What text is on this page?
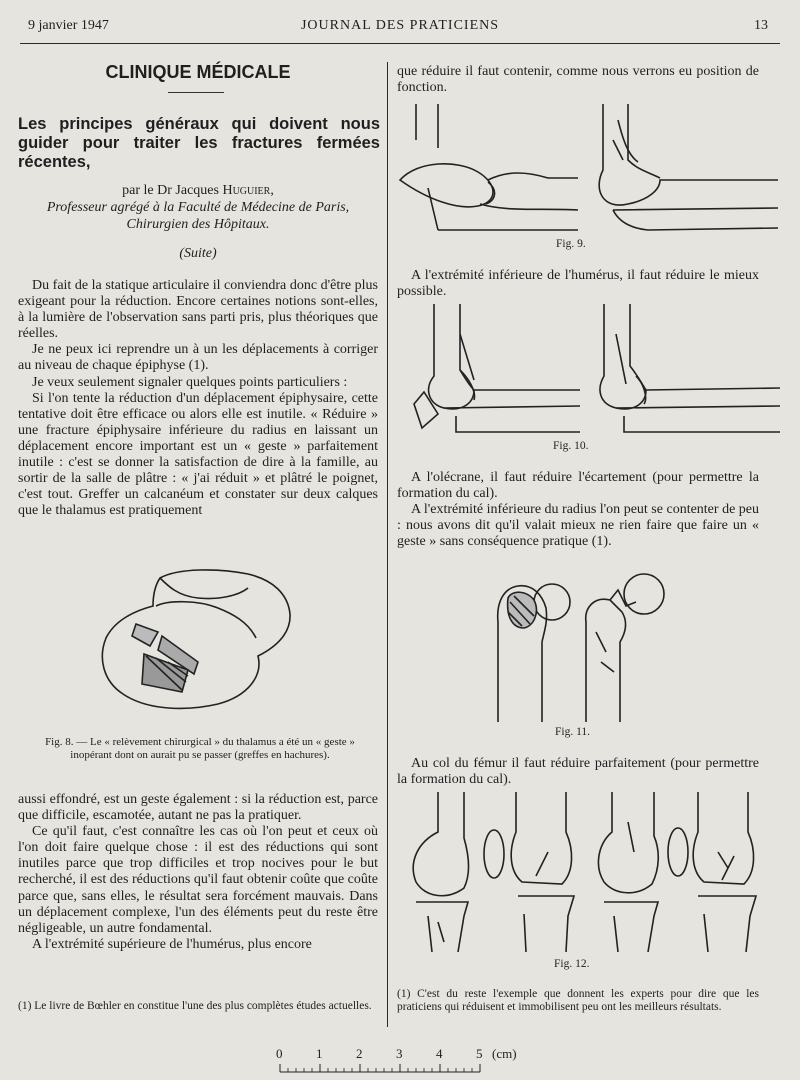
9 janvier 1947	JOURNAL DES PRATICIENS	13
CLINIQUE MÉDICALE
Les principes généraux qui doivent nous guider pour traiter les fractures fermées récentes,
par le Dr Jacques Huguier,
Professeur agrégé à la Faculté de Médecine de Paris,
Chirurgien des Hôpitaux.
(Suite)

Du fait de la statique articulaire il conviendra donc d'être plus exigeant pour la réduction. Encore certaines notions sont-elles, à la lumière de l'observation sans parti pris, plus théoriques que réelles.

Je ne peux ici reprendre un à un les déplacements à corriger au niveau de chaque épiphyse (1).

Je veux seulement signaler quelques points particuliers :

Si l'on tente la réduction d'un déplacement épiphysaire, cette tentative doit être efficace ou alors elle est inutile. « Réduire » une fracture épiphysaire inférieure du radius en laissant un déplacement encore important est un « geste » parfaitement inutile : c'est se donner la satisfaction de dire à la famille, au sortir de la salle de plâtre : « j'ai réduit » et plâtré le poignet, c'est tout. Greffer un calcanéum et constater sur deux calques que le thalamus est pratiquement

Fig. 8. — Le « relèvement chirurgical » du thalamus a été un « geste » inopérant dont on aurait pu se passer (greffes en hachures).

aussi effondré, est un geste également : si la réduction est, parce que difficile, escamotée, autant ne pas la pratiquer.

Ce qu'il faut, c'est connaître les cas où l'on peut et ceux où l'on doit faire quelque chose : il est des réductions qui sont inutiles parce que trop difficiles et trop nocives pour le but recherché, il est des réductions qu'il faut obtenir coûte que coûte parce que, sans elles, le résultat sera forcément mauvais. Dans un déplacement complexe, l'un des éléments peut du reste être négligeable, un autre fondamental.

A l'extrémité supérieure de l'humérus, plus encore

(1) Le livre de Bœhler en constitue l'une des plus complètes études actuelles.

que réduire il faut contenir, comme nous verrons eu position de fonction.

Fig. 9.

A l'extrémité inférieure de l'humérus, il faut réduire le mieux possible.

Fig. 10.

A l'olécrane, il faut réduire l'écartement (pour permettre la formation du cal).

A l'extrémité inférieure du radius l'on peut se contenter de peu : nous avons dit qu'il valait mieux ne rien faire que faire un « geste » sans conséquence pratique (1).

Fig. 11.

Au col du fémur il faut réduire parfaitement (pour permettre la formation du cal).

Fig. 12.
(1) C'est du reste l'exemple que donnent les experts pour dire que les praticiens qui réduisent et immobilisent peu ont les meilleurs résultats.
0	1	2	3	4	5 (cm)
